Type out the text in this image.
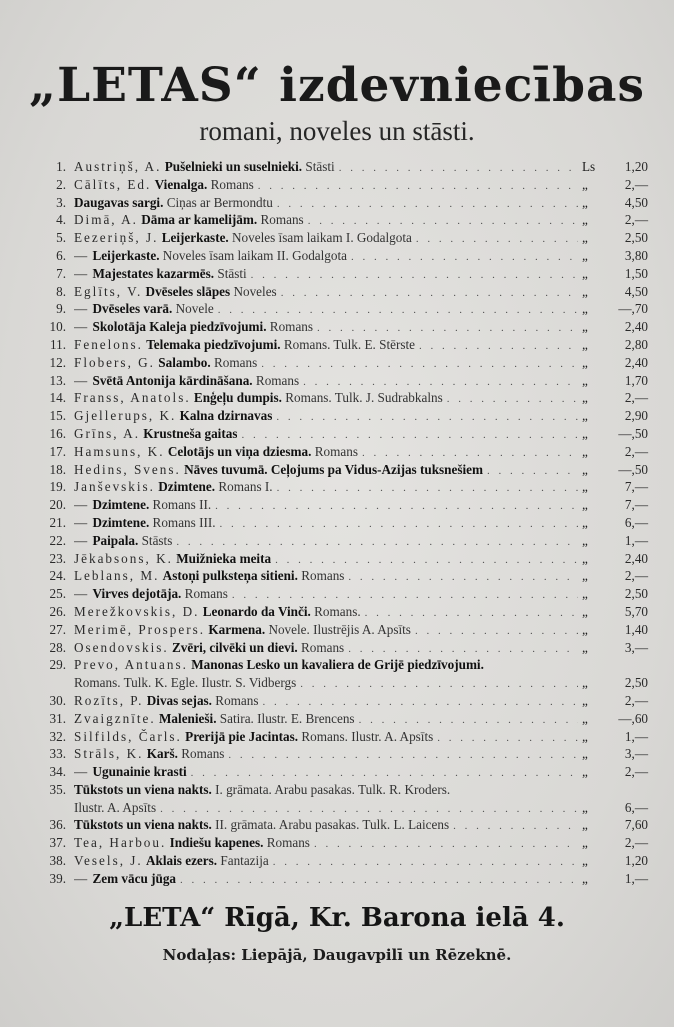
„LETAS“ izdevniecības
romani, noveles un stāsti.
1. Austriņš, A. Pušelnieki un suselnieki. Stāsti . . .	Ls	1,20
2. Cālīts, Ed. Vienalga. Romans . . .	„	2,—
3. Daugavas sargi. Ciņas ar Bermondtu . . .	„	4,50
4. Dimā, A. Dāma ar kamelijām. Romans . . .	„	2,—
5. Eezeriņš, J. Leijerkaste. Noveles īsam laikam I. Godalgota . . .	„	2,50
6. — Leijerkaste. Noveles īsam laikam II. Godalgota . . .	„	3,80
7. — Majestates kazarmēs. Stāsti . . .	„	1,50
8. Eglīts, V. Dvēseles slāpes Noveles . . .	„	4,50
9. — Dvēseles varā. Novele . . .	„	—,70
10. — Skolotāja Kaleja piedzīvojumi. Romans . . .	„	2,40
11. Fenelons. Telemaka piedzīvojumi. Romans. Tulk. E. Stērste . . .	„	2,80
12. Flobers, G. Salambo. Romans . . .	„	2,40
13. — Svētā Antonija kārdināšana. Romans . . .	„	1,70
14. Franss, Anatols. Enģeļu dumpis. Romans. Tulk. J. Sudrabkalns . . .	„	2,—
15. Gjellerups, K. Kalna dzirnavas . . .	„	2,90
16. Grīns, A. Krustneša gaitas . . .	„	—,50
17. Hamsuns, K. Celotājs un viņa dziesma. Romans . . .	„	2,—
18. Hedins, Svens. Nāves tuvumā. Ceļojums pa Vidus-Azijas tuksnešiem . . .	„	—,50
19. Janševskis. Dzimtene. Romans I. . . .	„	7,—
20. — Dzimtene. Romans II. . . .	„	7,—
21. — Dzimtene. Romans III. . . .	„	6,—
22. — Paipala. Stāsts . . .	„	1,—
23. Jēkabsons, K. Muižnieka meita . . .	„	2,40
24. Leblans, M. Astoņi pulksteņa sitieni. Romans . . .	„	2,—
25. — Virves dejotāja. Romans . . .	„	2,50
26. Merežkovskis, D. Leonardo da Vinči. Romans. . . .	„	5,70
27. Merimē, Prospers. Karmena. Novele. Ilustrējis A. Apsīts . . .	„	1,40
28. Osendovskis. Zvēri, cilvēki un dievi. Romans . . .	„	3,—
29. Prevo, Antuans. Manonas Lesko un kavaliera de Grijē piedzīvojumi.
Romans. Tulk. K. Egle. Ilustr. S. Vidbergs . . .	„	2,50
30. Rozīts, P. Divas sejas. Romans . . .	„	2,—
31. Zvaigznīte. Malenieši. Satira. Ilustr. E. Brencens . . .	„	—,60
32. Silfilds, Čarls. Prerijā pie Jacintas. Romans. Ilustr. A. Apsīts . . .	„	1,—
33. Strāls, K. Karš. Romans . . .	„	3,—
34. — Ugunainie krasti . . .	„	2,—
35. Tūkstots un viena nakts. I. grāmata. Arabu pasakas. Tulk. R. Kroders.
Ilustr. A. Apsīts . . .	„	6,—
36. Tūkstots un viena nakts. II. grāmata. Arabu pasakas. Tulk. L. Laicens . . .	„	7,60
37. Tea, Harbou. Indiešu kapenes. Romans . . .	„	2,—
38. Vesels, J. Aklais ezers. Fantazija . . .	„	1,20
39. — Zem vācu jūga . . .	„	1,—
„LETA“ Rīgā, Kr. Barona ielā 4.
Nodaļas: Liepājā, Daugavpilī un Rēzeknē.
